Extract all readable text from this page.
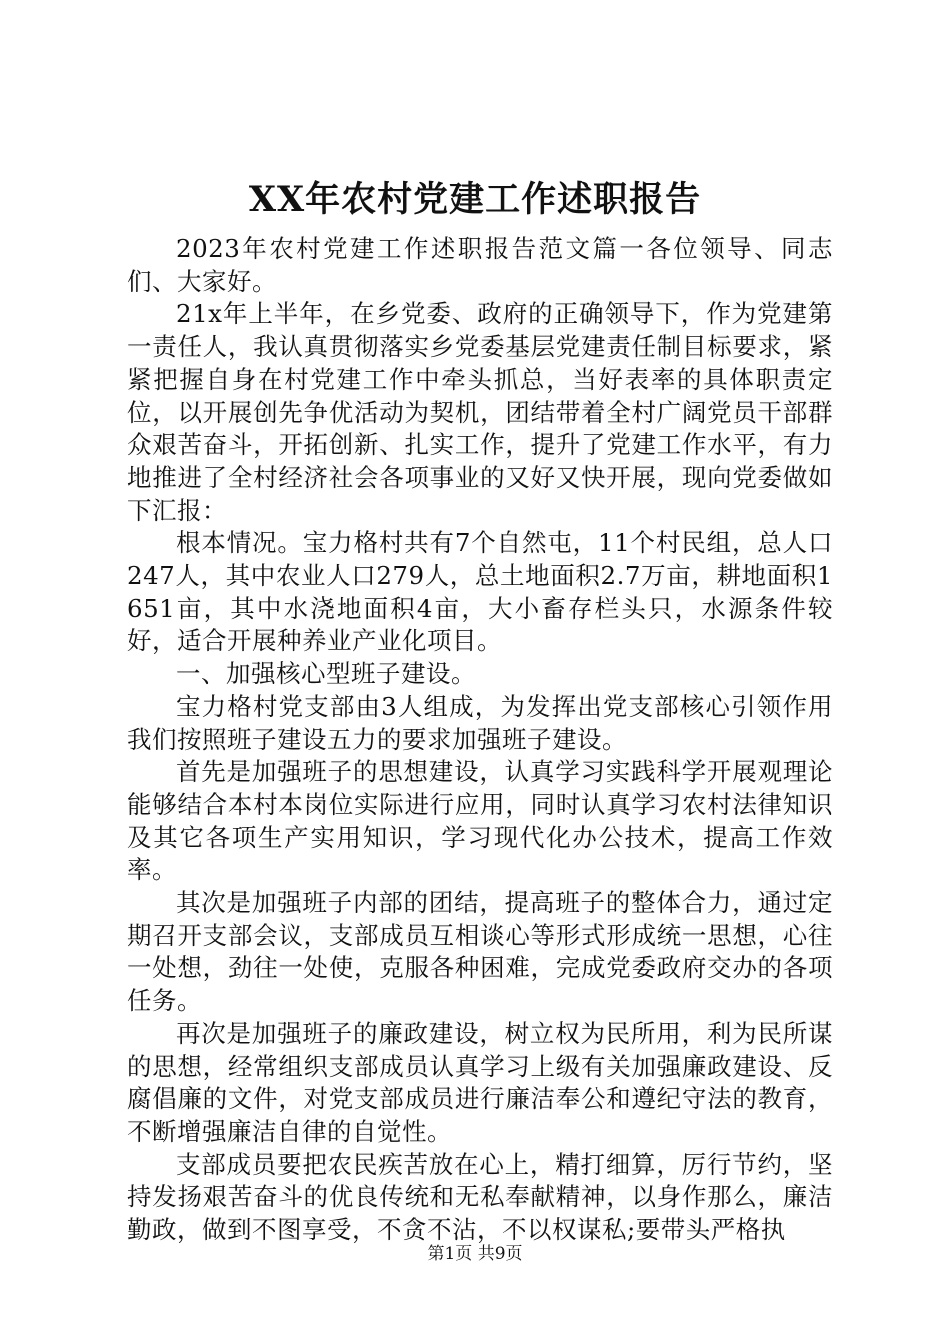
XX年农村党建工作述职报告

2023年农村党建工作述职报告范文篇一各位领导、同志们、大家好。

21x年上半年，在乡党委、政府的正确领导下，作为党建第一责任人，我认真贯彻落实乡党委基层党建责任制目标要求，紧紧把握自身在村党建工作中牵头抓总，当好表率的具体职责定位，以开展创先争优活动为契机，团结带着全村广阔党员干部群众艰苦奋斗，开拓创新、扎实工作，提升了党建工作水平，有力地推进了全村经济社会各项事业的又好又快开展，现向党委做如下汇报：

根本情况。宝力格村共有7个自然屯，11个村民组，总人口247人，其中农业人口279人，总土地面积2.7万亩，耕地面积1651亩，其中水浇地面积4亩，大小畜存栏头只，水源条件较好，适合开展种养业产业化项目。

一、加强核心型班子建设。

宝力格村党支部由3人组成，为发挥出党支部核心引领作用我们按照班子建设五力的要求加强班子建设。

首先是加强班子的思想建设，认真学习实践科学开展观理论能够结合本村本岗位实际进行应用，同时认真学习农村法律知识及其它各项生产实用知识，学习现代化办公技术，提高工作效率。

其次是加强班子内部的团结，提高班子的整体合力，通过定期召开支部会议，支部成员互相谈心等形式形成统一思想，心往一处想，劲往一处使，克服各种困难，完成党委政府交办的各项任务。

再次是加强班子的廉政建设，树立权为民所用，利为民所谋的思想，经常组织支部成员认真学习上级有关加强廉政建设、反腐倡廉的文件，对党支部成员进行廉洁奉公和遵纪守法的教育，不断增强廉洁自律的自觉性。

支部成员要把农民疾苦放在心上，精打细算，厉行节约，坚持发扬艰苦奋斗的优良传统和无私奉献精神，以身作那么，廉洁勤政，做到不图享受，不贪不沾，不以权谋私;要带头严格执

第1页 共9页
